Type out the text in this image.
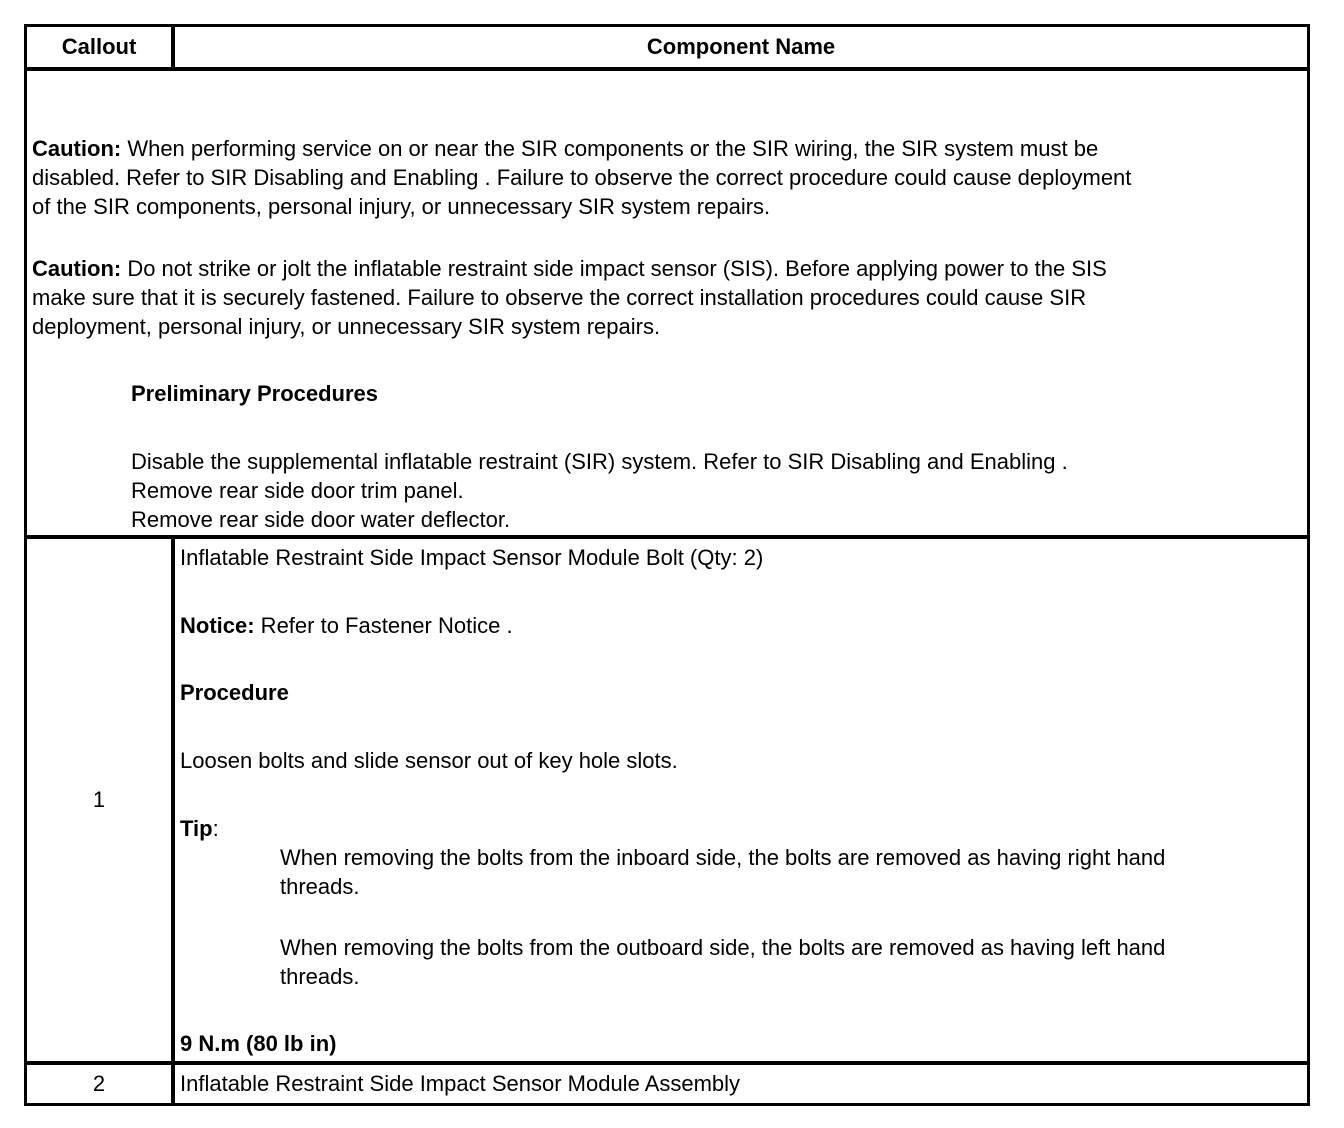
Callout	Component Name

Caution: When performing service on or near the SIR components or the SIR wiring, the SIR system must be
disabled. Refer to SIR Disabling and Enabling . Failure to observe the correct procedure could cause deployment
of the SIR components, personal injury, or unnecessary SIR system repairs.

Caution: Do not strike or jolt the inflatable restraint side impact sensor (SIS). Before applying power to the SIS
make sure that it is securely fastened. Failure to observe the correct installation procedures could cause SIR
deployment, personal injury, or unnecessary SIR system repairs.

Preliminary Procedures

Disable the supplemental inflatable restraint (SIR) system. Refer to SIR Disabling and Enabling .
Remove rear side door trim panel.
Remove rear side door water deflector.

1

Inflatable Restraint Side Impact Sensor Module Bolt (Qty: 2)

Notice: Refer to Fastener Notice .

Procedure

Loosen bolts and slide sensor out of key hole slots.

Tip:

When removing the bolts from the inboard side, the bolts are removed as having right hand
threads.

When removing the bolts from the outboard side, the bolts are removed as having left hand
threads.

9 N.m (80 lb in)

2	Inflatable Restraint Side Impact Sensor Module Assembly
